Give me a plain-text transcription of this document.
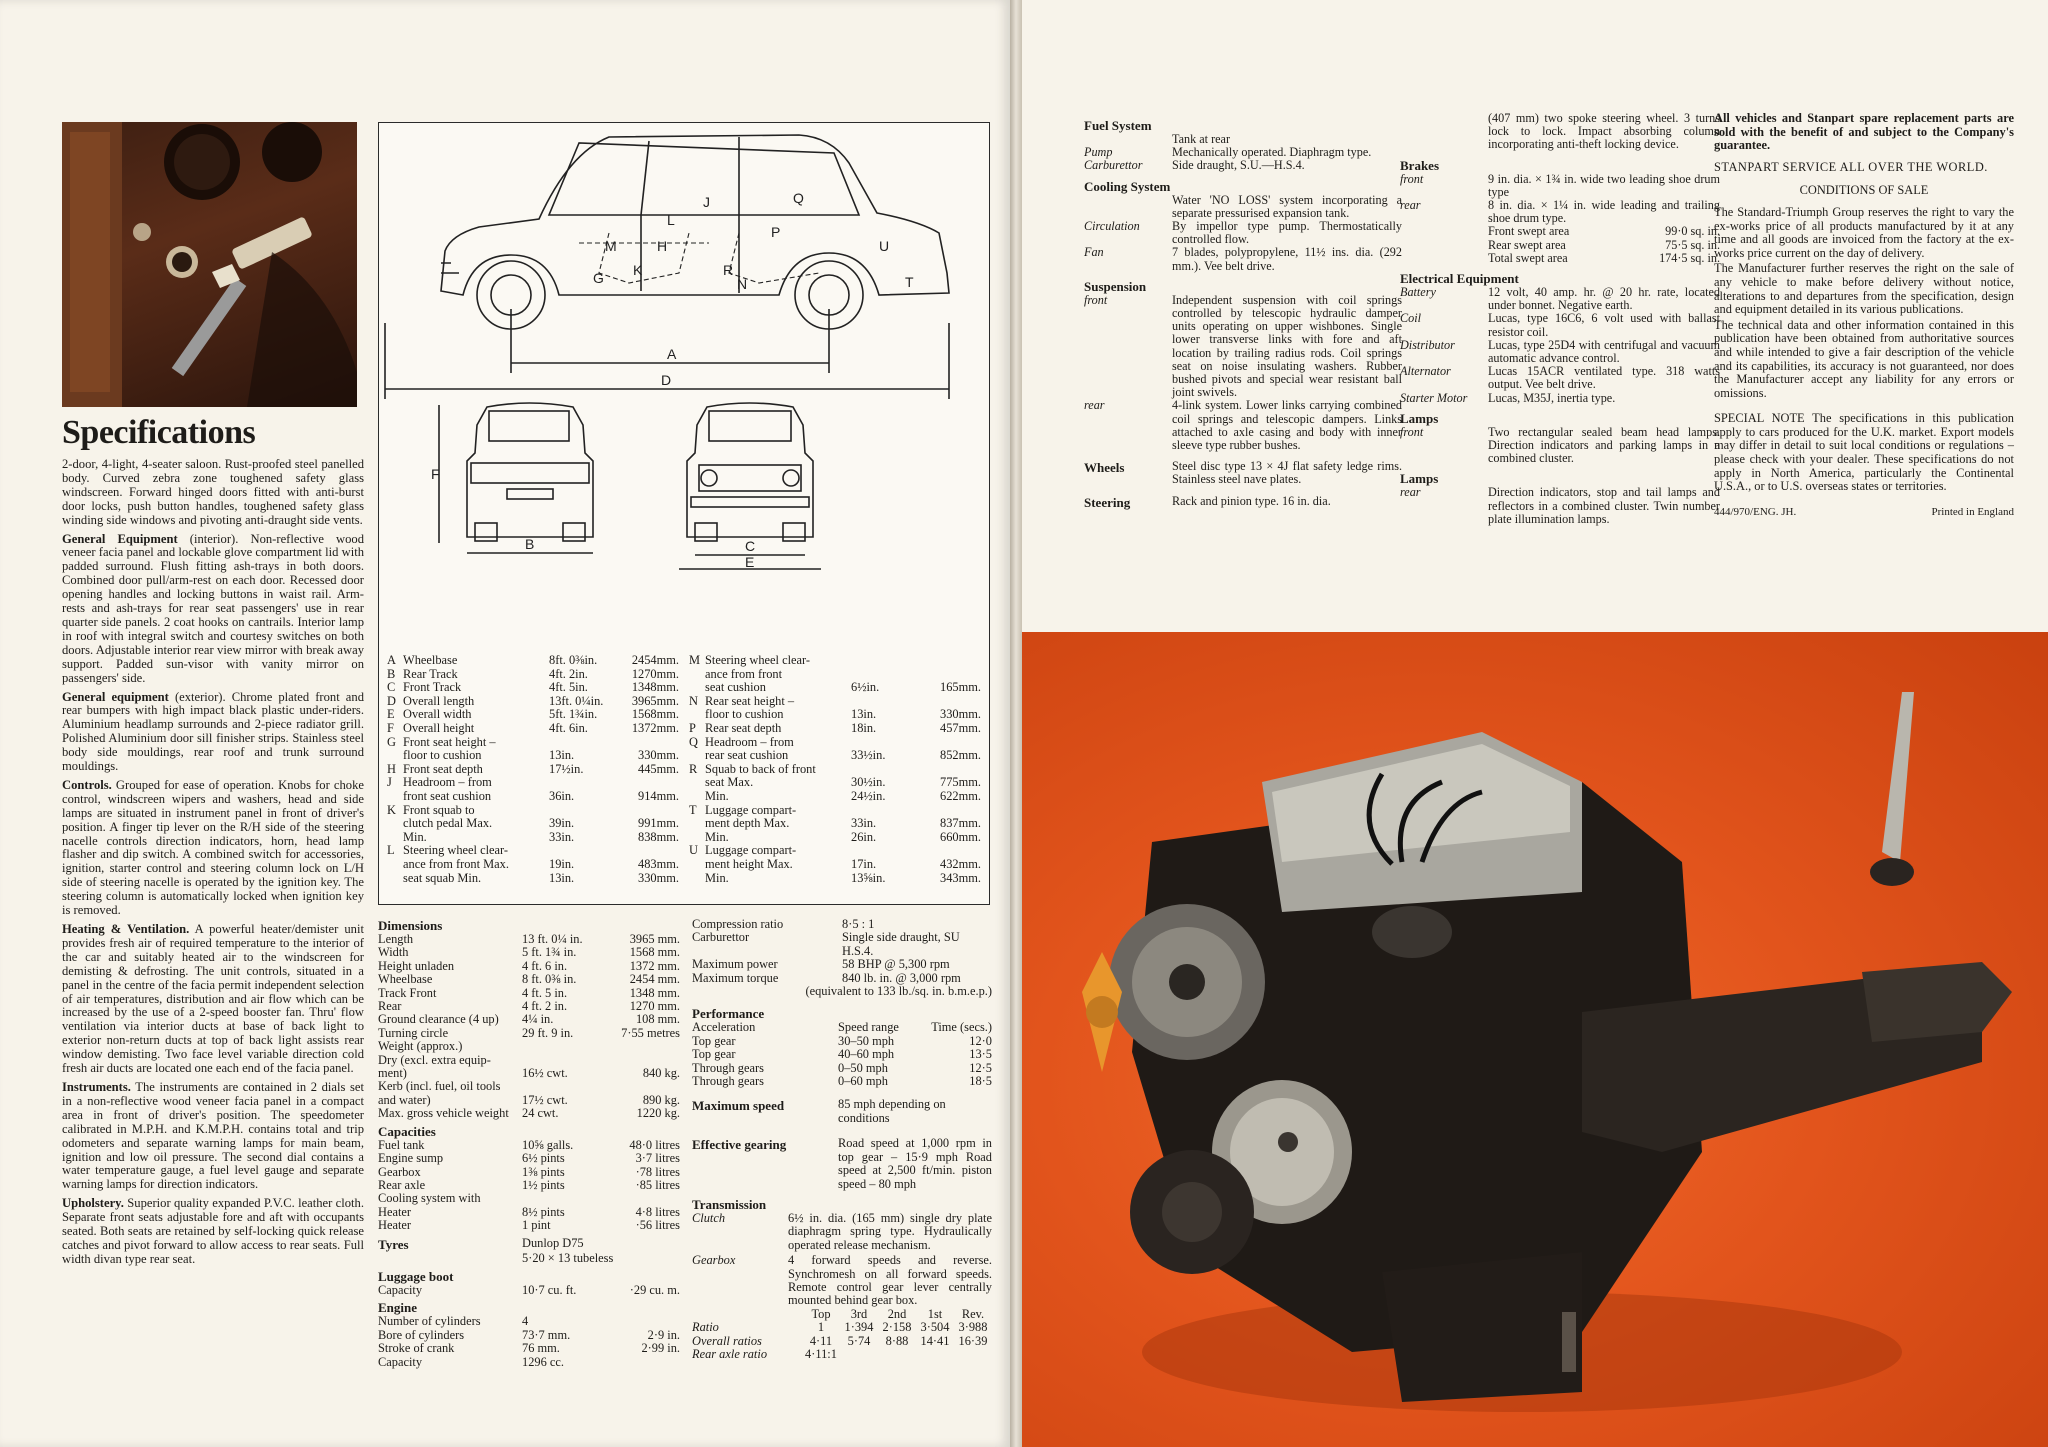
Specifications

2-door, 4-light, 4-seater saloon. Rust-proofed steel panelled body. Curved zebra zone toughened safety glass windscreen. Forward hinged doors fitted with anti-burst door locks, push button handles, toughened safety glass winding side windows and pivoting anti-draught side vents.

General Equipment (interior). Non-reflective wood veneer facia panel and lockable glove compartment lid with padded surround. Flush fitting ash-trays in both doors. Combined door pull/arm-rest on each door. Recessed door opening handles and locking buttons in waist rail. Arm-rests and ash-trays for rear seat passengers' use in rear quarter side panels. 2 coat hooks on cantrails. Interior lamp in roof with integral switch and courtesy switches on both doors. Adjustable interior rear view mirror with break away support. Padded sun-visor with vanity mirror on passengers' side.

General equipment (exterior). Chrome plated front and rear bumpers with high impact black plastic under-riders. Aluminium headlamp surrounds and 2-piece radiator grill. Polished Aluminium door sill finisher strips. Stainless steel body side mouldings, rear roof and trunk surround mouldings.

Controls. Grouped for ease of operation. Knobs for choke control, windscreen wipers and washers, head and side lamps are situated in instrument panel in front of driver's position. A finger tip lever on the R/H side of the steering nacelle controls direction indicators, horn, head lamp flasher and dip switch. A combined switch for accessories, ignition, starter control and steering column lock on L/H side of steering nacelle is operated by the ignition key. The steering column is automatically locked when ignition key is removed.

Heating & Ventilation. A powerful heater/demister unit provides fresh air of required temperature to the interior of the car and suitably heated air to the windscreen for demisting & defrosting. The unit controls, situated in a panel in the centre of the facia permit independent selection of air temperatures, distribution and air flow which can be increased by the use of a 2-speed booster fan. Thru' flow ventilation via interior ducts at base of back light to exterior non-return ducts at top of back light assists rear window demisting. Two face level variable direction cold fresh air ducts are located one each end of the facia panel.

Instruments. The instruments are contained in 2 dials set in a non-reflective wood veneer facia panel in a compact area in front of driver's position. The speedometer calibrated in M.P.H. and K.M.P.H. contains total and trip odometers and separate warning lamps for main beam, ignition and low oil pressure. The second dial contains a water temperature gauge, a fuel level gauge and separate warning lamps for direction indicators.

Upholstery. Superior quality expanded P.V.C. leather cloth. Separate front seats adjustable fore and aft with occupants seated. Both seats are retained by self-locking quick release catches and pivot forward to allow access to rear seats. Full width divan type rear seat.

A
D
F
B	C
E
G
H
J
K
L
M
N
P
Q
R
T
U
A Wheelbase	8ft. 0⅜in.	2454mm.
B Rear Track	4ft. 2in.	1270mm.
C Front Track	4ft. 5in.	1348mm.
D Overall length	13ft. 0¼in.	3965mm.
E Overall width	5ft. 1¾in.	1568mm.
F Overall height	4ft. 6in.	1372mm.
G Front seat height –
floor to cushion	13in.	330mm.
H Front seat depth	17½in.	445mm.
J Headroom – from
front seat cushion	36in.	914mm.
K Front squab to
clutch pedal Max.	39in.	991mm.
Min.	33in.	838mm.
L Steering wheel clear-
ance from front Max.	19in.	483mm.
seat squab Min.	13in.	330mm.
M Steering wheel clear-
ance from front
seat cushion	6½in.	165mm.
N Rear seat height –
floor to cushion	13in.	330mm.
P Rear seat depth	18in.	457mm.
Q Headroom – from
rear seat cushion	33½in.	852mm.
R Squab to back of front
seat Max.	30½in.	775mm.
Min.	24½in.	622mm.
T Luggage compart-
ment depth Max.	33in.	837mm.
Min.	26in.	660mm.
U Luggage compart-
ment height Max.	17in.	432mm.
Min.	13⅝in.	343mm.
Dimensions
Length	13 ft. 0¼ in.	3965 mm.
Width	5 ft. 1¾ in.	1568 mm.
Height unladen	4 ft. 6 in.	1372 mm.
Wheelbase	8 ft. 0⅜ in.	2454 mm.
Track Front	4 ft. 5 in.	1348 mm.
Rear	4 ft. 2 in.	1270 mm.
Ground clearance (4 up)	4¼ in.	108 mm.
Turning circle	29 ft. 9 in.	7·55 metres
Weight (approx.)
Dry (excl. extra equip-
ment)	16½ cwt.	840 kg.
Kerb (incl. fuel, oil tools
and water)	17½ cwt.	890 kg.
Max. gross vehicle weight	24 cwt.	1220 kg.
Capacities
Fuel tank	10⅝ galls.	48·0 litres
Engine sump	6½ pints	3·7 litres
Gearbox	1⅜ pints	·78 litres
Rear axle	1½ pints	·85 litres
Cooling system with
Heater	8½ pints	4·8 litres
Heater	1 pint	·56 litres
Tyres	Dunlop D75
5·20 × 13 tubeless
Luggage boot
Capacity	10·7 cu. ft.	·29 cu. m.
Engine
Number of cylinders	4
Bore of cylinders	73·7 mm.	2·9 in.
Stroke of crank	76 mm.	2·99 in.
Capacity	1296 cc.
Compression ratio	8·5 : 1
Carburettor	Single side draught, SU H.S.4.
Maximum power	58 BHP @ 5,300 rpm
Maximum torque	840 lb. in. @ 3,000 rpm
(equivalent to 133 lb./sq. in. b.m.e.p.)
Performance
Acceleration	Speed range	Time (secs.)
Top gear	30–50 mph	12·0
Top gear	40–60 mph	13·5
Through gears	0–50 mph	12·5
Through gears	0–60 mph	18·5
Maximum speed	85 mph depending on conditions
Effective gearing	Road speed at 1,000 rpm in top gear – 15·9 mph Road speed at 2,500 ft/min. piston speed – 80 mph
Transmission
Clutch	6½ in. dia. (165 mm) single dry plate diaphragm spring type. Hydraulically operated release mechanism.
Gearbox	4 forward speeds and reverse. Synchromesh on all forward speeds. Remote control gear lever centrally mounted behind gear box.
Top	3rd	2nd	1st	Rev.
Ratio	1	1·394 2·158 3·504 3·988
Overall ratios	4·11	5·74	8·88 14·41 16·39
Rear axle ratio	4·11:1
Fuel System
Tank at rear
Pump	Mechanically operated. Diaphragm type.
Carburettor	Side draught, S.U.—H.S.4.
Cooling System
Water 'NO LOSS' system incorporating a separate pressurised expansion tank.
Circulation	By impellor type pump. Thermostatically controlled flow.
Fan	7 blades, polypropylene, 11½ ins. dia. (292 mm.). Vee belt drive.
Suspension
front	Independent suspension with coil springs controlled by telescopic hydraulic damper units operating on upper wishbones. Single lower transverse links with fore and aft location by trailing radius rods. Coil springs seat on noise insulating washers. Rubber bushed pivots and special wear resistant ball joint swivels.
rear	4-link system. Lower links carrying combined coil springs and telescopic dampers. Links attached to axle casing and body with inner sleeve type rubber bushes.
Wheels	Steel disc type 13 × 4J flat safety ledge rims. Stainless steel nave plates.
Steering	Rack and pinion type. 16 in. dia.
(407 mm) two spoke steering wheel. 3 turns lock to lock. Impact absorbing column incorporating anti-theft locking device.
Brakes
front	9 in. dia. × 1¾ in. wide two leading shoe drum type
rear	8 in. dia. × 1¼ in. wide leading and trailing shoe drum type.
Front swept area	99·0 sq. in.
Rear swept area	75·5 sq. in.
Total swept area	174·5 sq. in.
Electrical Equipment
Battery	12 volt, 40 amp. hr. @ 20 hr. rate, located under bonnet. Negative earth.
Coil	Lucas, type 16C6, 6 volt used with ballast resistor coil.
Distributor	Lucas, type 25D4 with centrifugal and vacuum automatic advance control.
Alternator	Lucas 15ACR ventilated type. 318 watts output. Vee belt drive.
Starter Motor	Lucas, M35J, inertia type.
Lamps
front	Two rectangular sealed beam head lamps. Direction indicators and parking lamps in a combined cluster.
Lamps
rear	Direction indicators, stop and tail lamps and reflectors in a combined cluster. Twin number plate illumination lamps.

All vehicles and Stanpart spare replacement parts are sold with the benefit of and subject to the Company's guarantee.

STANPART SERVICE ALL OVER THE WORLD.

CONDITIONS OF SALE

The Standard-Triumph Group reserves the right to vary the ex-works price of all products manufactured by it at any time and all goods are invoiced from the factory at the ex-works price current on the day of delivery.

The Manufacturer further reserves the right on the sale of any vehicle to make before delivery without notice, alterations to and departures from the specification, design and equipment detailed in its various publications.

The technical data and other information contained in this publication have been obtained from authoritative sources and while intended to give a fair description of the vehicle and its capabilities, its accuracy is not guaranteed, nor does the Manufacturer accept any liability for any errors or omissions.

SPECIAL NOTE The specifications in this publication apply to cars produced for the U.K. market. Export models may differ in detail to suit local conditions or regulations – please check with your dealer. These specifications do not apply in North America, particularly the Continental U.S.A., or to U.S. overseas states or territories.

444/970/ENG. JH.	Printed in England
